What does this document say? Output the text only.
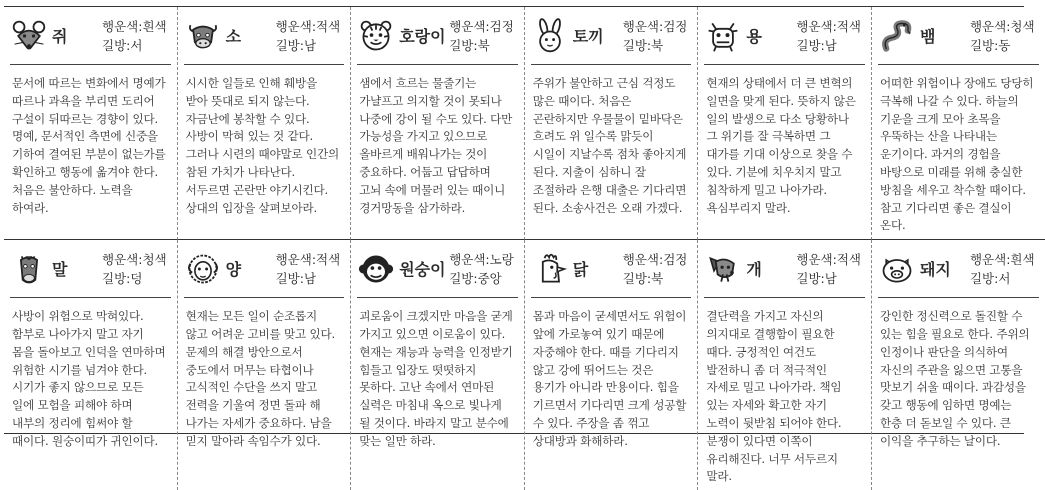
쥐
행운색: 흰색
길방: 서
문서에 따르는 변화에서 명예가 따르나 과욕을 부리면 도리어 구설이 뒤따르는 경향이 있다. 명예, 문서적인 측면에 신중을 기하여 결여된 부분이 없는가를 확인하고 행동에 옮겨야 한다. 처음은 불안하다. 노력을 하여라.
소
행운색: 적색
길방: 남
시시한 일들로 인해 훼방을 받아 뜻대로 되지 않는다. 자금난에 봉착할 수 있다. 사방이 막혀 있는 것 같다. 그러나 시련의 때야말로 인간의 참된 가치가 나타난다. 서두르면 곤란만 야기시킨다. 상대의 입장을 살펴보아라.
호랑이
행운색: 검정
길방: 북
샘에서 흐르는 물줄기는 가냘프고 의지할 것이 못되나 나중에 강이 될 수도 있다. 다만 가능성을 가지고 있으므로 올바르게 배워나가는 것이 중요하다. 어둡고 답답하며 고뇌 속에 머물러 있는 때이니 경거망동을 삼가하라.
토끼
행운색: 검정
길방: 북
주위가 불안하고 근심 걱정도 많은 때이다. 처음은 곤란하지만 우물물이 밑바닥은 흐려도 위 일수록 맑듯이 시일이 지날수록 점차 좋아지게 된다. 지출이 심하니 잘 조절하라 은행 대출은 기다리면 된다. 소송사건은 오래 가겠다.
용
행운색: 적색
길방: 남
현재의 상태에서 더 큰 변혁의 일면을 맞게 된다. 뜻하지 않은 일의 발생으로 다소 당황하나 그 위기를 잘 극복하면 그 대가를 기대 이상으로 찾을 수 있다. 기분에 치우치지 말고 침착하게 밀고 나아가라. 욕심부리지 말라.
뱀
행운색: 청색
길방: 동
어떠한 위험이나 장애도 당당히 극복해 나갈 수 있다. 하늘의 기운을 크게 모아 초목을 우뚝하는 산을 나타내는 운기이다. 과거의 경험을 바탕으로 미래를 위해 충실한 방침을 세우고 착수할 때이다. 참고 기다리면 좋은 결실이 온다.
말
행운색: 청색
길방: 덩
사방이 위험으로 막혀있다. 함부로 나아가지 말고 자기 몸을 돌아보고 인덕을 연마하며 위험한 시기를 넘겨야 한다. 시기가 좋지 않으므로 모든 일에 모험을 피해야 하며 내부의 정리에 힘써야 할 때이다. 원숭이띠가 귀인이다.
양
행운색: 적색
길방: 남
현재는 모든 일이 순조롭지 않고 어려운 고비를 맞고 있다. 문제의 해결 방안으로서 중도에서 머무는 타협이나 고식적인 수단을 쓰지 말고 전력을 기울여 정면 돌파 해 나가는 자세가 중요하다. 남을 믿지 말아라 속임수가 있다.
원숭이
행운색: 노랑
길방: 중앙
괴로움이 크겠지만 마음을 굳게 가지고 있으면 이로움이 있다. 현재는 재능과 능력을 인정받기 힘들고 입장도 떳떳하지 못하다. 고난 속에서 연마된 실력은 마침내 옥으로 빛나게 될 것이다. 바라지 말고 분수에 맞는 일만 하라.
닭
행운색: 검정
길방: 북
몸과 마음이 굳세면서도 위험이 앞에 가로놓여 있기 때문에 자중해야 한다. 때를 기다리지 않고 강에 뛰어드는 것은 용기가 아니라 만용이다. 힘을 기르면서 기다리면 크게 성공할 수 있다. 주장을 좀 꺾고 상대방과 화해하라.
개
행운색: 적색
길방: 남
결단력을 가지고 자신의 의지대로 결행함이 필요한 때다. 긍정적인 여건도 발전하니 좀 더 적극적인 자세로 밀고 나아가라. 책임 있는 자세와 확고한 자기 노력이 뒷받침 되어야 한다. 분쟁이 있다면 이쪽이 유리해진다. 너무 서두르지 말라.
돼지
행운색: 흰색
길방: 서
강인한 정신력으로 돌진할 수 있는 힘을 필요로 한다. 주위의 인정이나 판단을 의식하여 자신의 주관을 잃으면 고통을 맛보기 쉬울 때이다. 과감성을 갖고 행동에 임하면 명예는 한층 더 돋보일 수 있다. 큰 이익을 추구하는 날이다.
